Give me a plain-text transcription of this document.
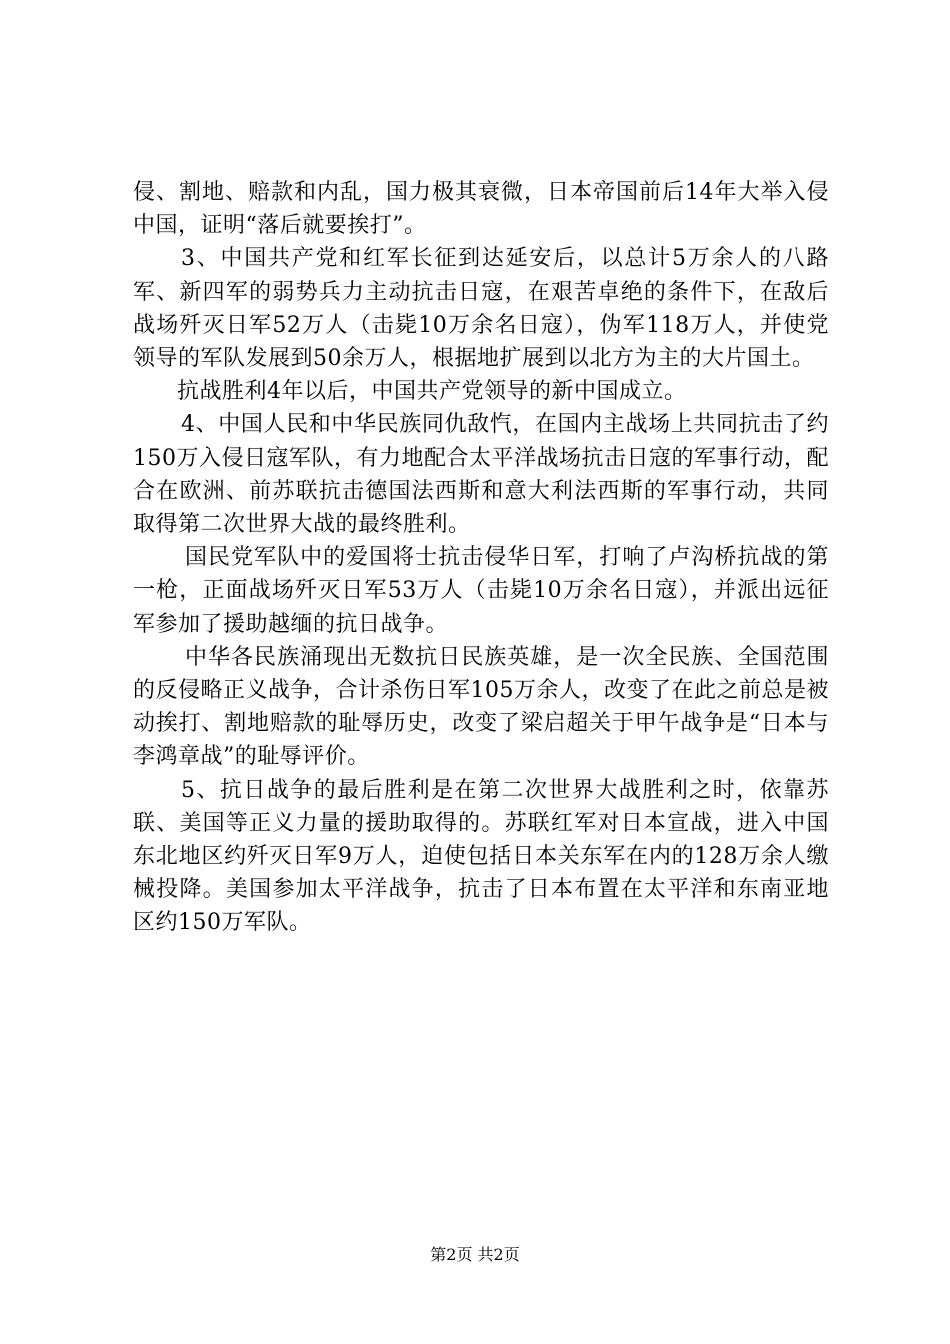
侵、割地、赔款和内乱，国力极其衰微，日本帝国前后14年大举入侵中国，证明“落后就要挨打”。

3、中国共产党和红军长征到达延安后，以总计5万余人的八路军、新四军的弱势兵力主动抗击日寇，在艰苦卓绝的条件下，在敌后战场歼灭日军52万人（击毙10万余名日寇），伪军118万人，并使党领导的军队发展到50余万人，根据地扩展到以北方为主的大片国土。

抗战胜利4年以后，中国共产党领导的新中国成立。

4、中国人民和中华民族同仇敌忾，在国内主战场上共同抗击了约150万入侵日寇军队，有力地配合太平洋战场抗击日寇的军事行动，配合在欧洲、前苏联抗击德国法西斯和意大利法西斯的军事行动，共同取得第二次世界大战的最终胜利。

国民党军队中的爱国将士抗击侵华日军，打响了卢沟桥抗战的第一枪，正面战场歼灭日军53万人（击毙10万余名日寇），并派出远征军参加了援助越缅的抗日战争。

中华各民族涌现出无数抗日民族英雄，是一次全民族、全国范围的反侵略正义战争，合计杀伤日军105万余人，改变了在此之前总是被动挨打、割地赔款的耻辱历史，改变了梁启超关于甲午战争是“日本与李鸿章战”的耻辱评价。

5、抗日战争的最后胜利是在第二次世界大战胜利之时，依靠苏联、美国等正义力量的援助取得的。苏联红军对日本宣战，进入中国东北地区约歼灭日军9万人，迫使包括日本关东军在内的128万余人缴械投降。美国参加太平洋战争，抗击了日本布置在太平洋和东南亚地区约150万军队。

第2页 共2页
